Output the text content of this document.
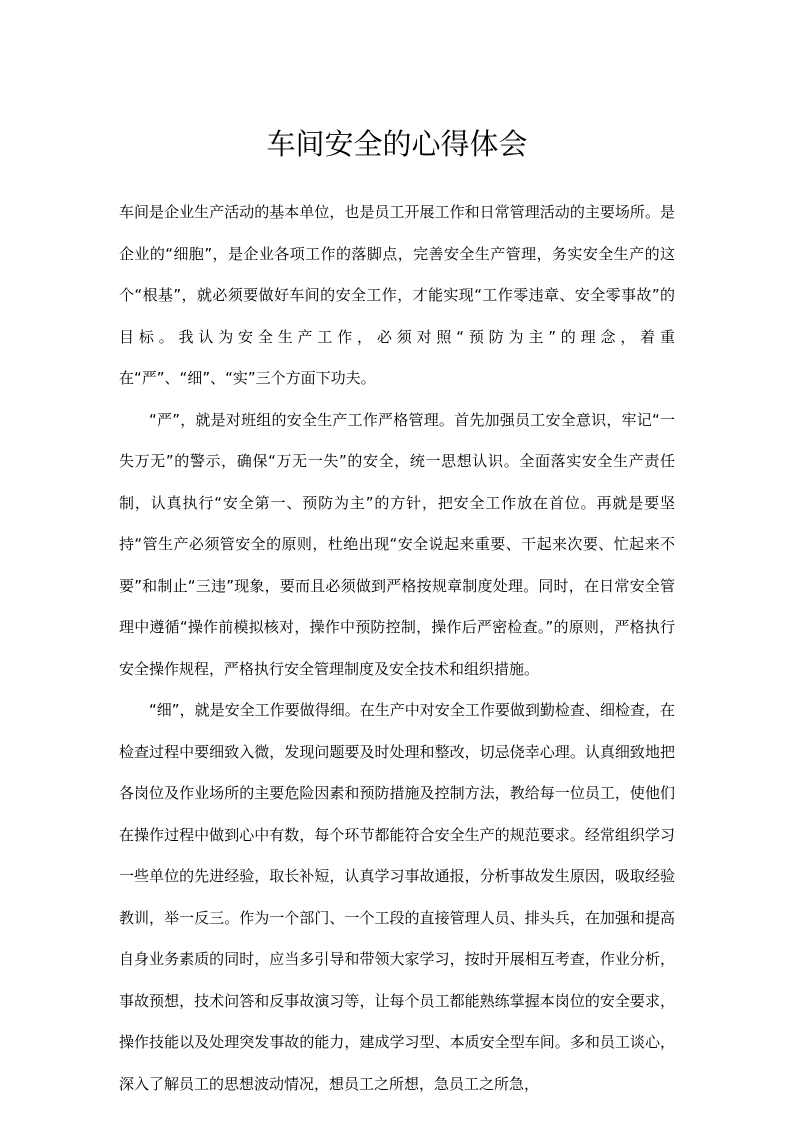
车间安全的心得体会

车间是企业生产活动的基本单位，也是员工开展工作和日常管理活动的主要场所。是企业的“细胞”，是企业各项工作的落脚点，完善安全生产管理，务实安全生产的这个“根基”，就必须要做好车间的安全工作，才能实现“工作零违章、安全零事故”的目标。我认为安全生产工作，必须对照“预防为主”的理念，着重在“严”、“细”、“实”三个方面下功夫。

“严”，就是对班组的安全生产工作严格管理。首先加强员工安全意识，牢记“一失万无”的警示，确保“万无一失”的安全，统一思想认识。全面落实安全生产责任制，认真执行“安全第一、预防为主”的方针，把安全工作放在首位。再就是要坚持“管生产必须管安全的原则，杜绝出现“安全说起来重要、干起来次要、忙起来不要”和制止“三违”现象，要而且必须做到严格按规章制度处理。同时，在日常安全管理中遵循“操作前模拟核对，操作中预防控制，操作后严密检查。”的原则，严格执行安全操作规程，严格执行安全管理制度及安全技术和组织措施。

“细”，就是安全工作要做得细。在生产中对安全工作要做到勤检查、细检查，在检查过程中要细致入微，发现问题要及时处理和整改，切忌侥幸心理。认真细致地把各岗位及作业场所的主要危险因素和预防措施及控制方法，教给每一位员工，使他们在操作过程中做到心中有数，每个环节都能符合安全生产的规范要求。经常组织学习一些单位的先进经验，取长补短，认真学习事故通报，分析事故发生原因，吸取经验教训，举一反三。作为一个部门、一个工段的直接管理人员、排头兵，在加强和提高自身业务素质的同时，应当多引导和带领大家学习，按时开展相互考查，作业分析，事故预想，技术问答和反事故演习等，让每个员工都能熟练掌握本岗位的安全要求，操作技能以及处理突发事故的能力，建成学习型、本质安全型车间。多和员工谈心，深入了解员工的思想波动情况，想员工之所想，急员工之所急，
